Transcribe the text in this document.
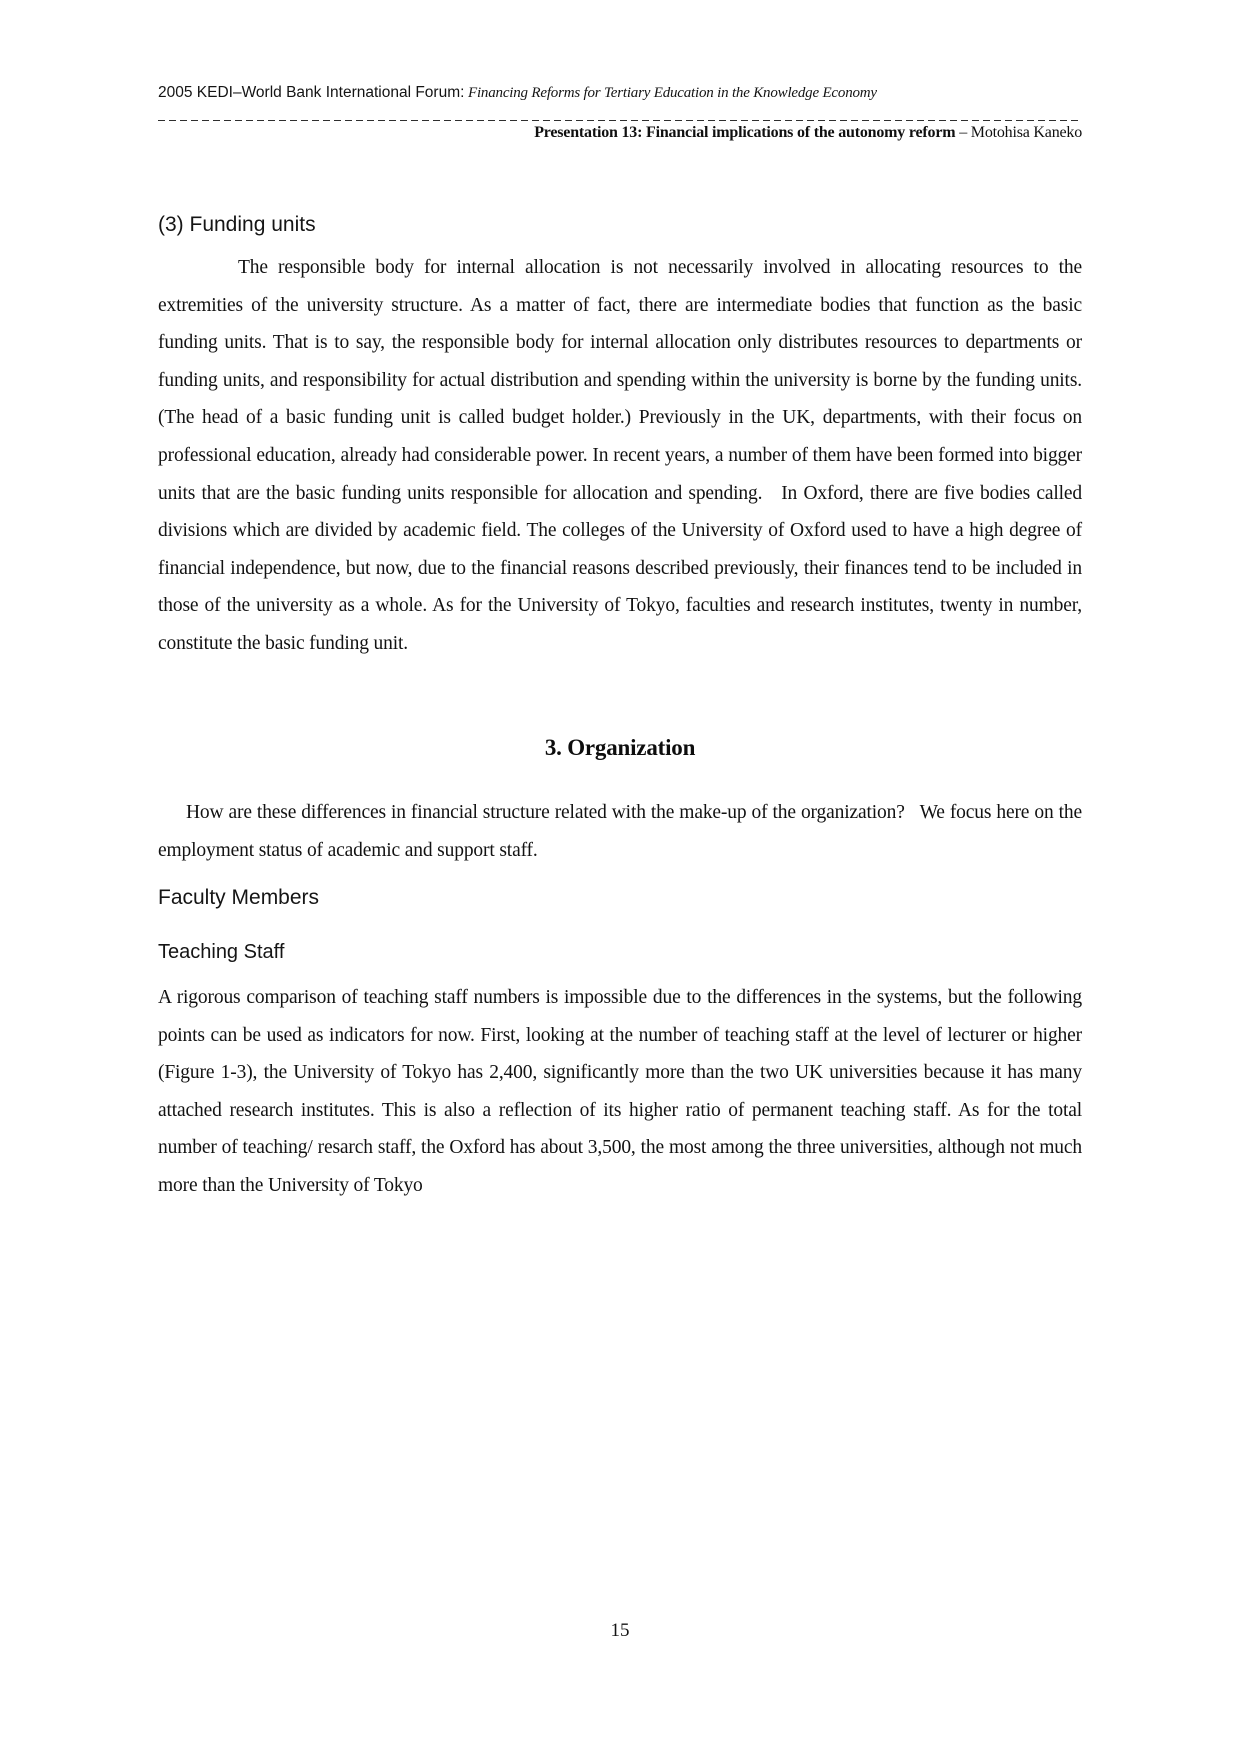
2005 KEDI–World Bank International Forum: Financing Reforms for Tertiary Education in the Knowledge Economy
Presentation 13: Financial implications of the autonomy reform – Motohisa Kaneko
(3) Funding units
The responsible body for internal allocation is not necessarily involved in allocating resources to the extremities of the university structure. As a matter of fact, there are intermediate bodies that function as the basic funding units. That is to say, the responsible body for internal allocation only distributes resources to departments or funding units, and responsibility for actual distribution and spending within the university is borne by the funding units. (The head of a basic funding unit is called budget holder.) Previously in the UK, departments, with their focus on professional education, already had considerable power. In recent years, a number of them have been formed into bigger units that are the basic funding units responsible for allocation and spending.   In Oxford, there are five bodies called divisions which are divided by academic field. The colleges of the University of Oxford used to have a high degree of financial independence, but now, due to the financial reasons described previously, their finances tend to be included in those of the university as a whole. As for the University of Tokyo, faculties and research institutes, twenty in number, constitute the basic funding unit.
3. Organization
How are these differences in financial structure related with the make-up of the organization?   We focus here on the employment status of academic and support staff.
Faculty Members
Teaching Staff
A rigorous comparison of teaching staff numbers is impossible due to the differences in the systems, but the following points can be used as indicators for now. First, looking at the number of teaching staff at the level of lecturer or higher (Figure 1-3), the University of Tokyo has 2,400, significantly more than the two UK universities because it has many attached research institutes. This is also a reflection of its higher ratio of permanent teaching staff. As for the total number of teaching/ resarch staff, the Oxford has about 3,500, the most among the three universities, although not much more than the University of Tokyo
15
